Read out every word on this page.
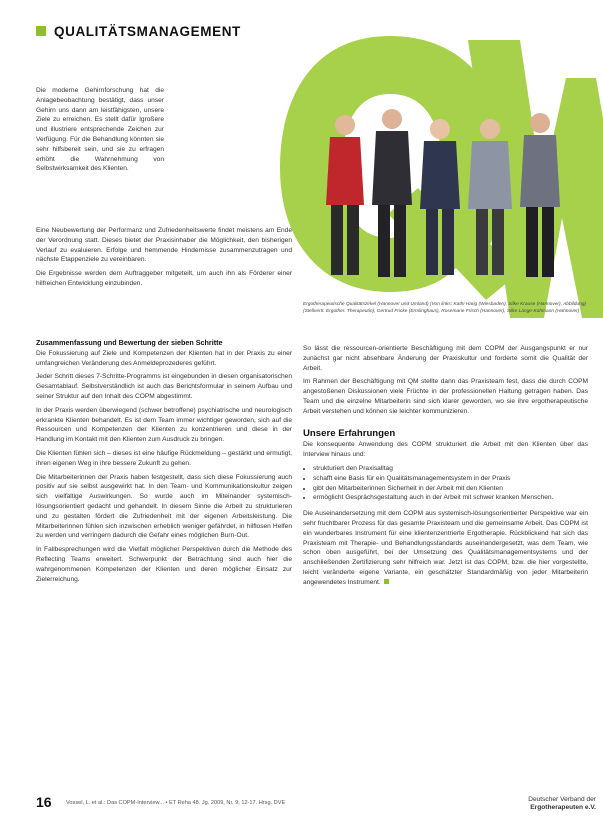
QUALITÄTSMANAGEMENT
Ergotherapeutische Qualitätszirkel (Hannover und Umland) (Von links: Kathi Harig (Wiesbaden), Silke Krause (Hannover), Abbildung) (Stellvertr. Ergother. Therapeutin), Gertrud Fricke (Ermlinghaus), Rosemarie Frisch (Hannover), Silke Lange-Kahmann (Hannover)

Die moderne Gehirnforschung hat die Anlagebeobachtung bestätigt, dass unser Gehirn uns dann am leistfähigsten, unsere Ziele zu erreichen. Es stellt dafür Igroßere und illustriere entsprechende Zeichen zur Verfügung. Für die Behandlung könnten sie sehr hilfsbereit sein, und sie zu erfragen erhöht die Wahrnehmung von Selbstwirksamkeit des Klienten.

Eine Neubewertung der Performanz und Zufriedenheitswerte findet meistens am Ende der Verordnung statt. Dieses bietet der Praxisinhaber die Möglichkeit, den bisherigen Verlauf zu evaluieren. Erfolge und hemmende Hindernisse zusammenzutragen und nächste Etappenziele zu vereinbaren.

Die Ergebnisse werden dem Auftraggeber mitgeteilt, um auch ihn als Förderer einer hilfreichen Entwicklung einzubinden.

Zusammenfassung und Bewertung der sieben Schritte

Die Fokussierung auf Ziele und Kompetenzen der Klienten hat in der Praxis zu einer umfangreichen Veränderung des Anmeldeprozederes geführt.

Jeder Schritt dieses 7-Schritte-Programms ist eingebunden in diesen organisatorischen Gesamtablauf. Selbstverständlich ist auch das Berichtsformular in seinem Aufbau und seiner Struktur auf den Inhalt des COPM abgestimmt.

In der Praxis werden überwiegend (schwer betroffene) psychiatrische und neurologisch erkrankte Klienten behandelt. Es ist dem Team immer wichtiger geworden, sich auf die Ressourcen und Kompetenzen der Klienten zu konzentrieren und diese in der Handlung im Kontakt mit den Klienten zum Ausdruck zu bringen.

Die Klienten fühlen sich – dieses ist eine häufige Rückmeldung – gestärkt und ermutigt, ihren eigenen Weg in ihre bessere Zukunft zu gehen.

Die Mitarbeiterinnen der Praxis haben festgestellt, dass sich diese Fokussierung auch positiv auf sie selbst ausgewirkt hat. In den Team- und Kommunikationskultur zeigen sich vielfältige Auswirkungen. So wurde auch im Miteinander systemisch-lösungsorientiert gedacht und gehandelt. In diesem Sinne die Arbeit zu strukturieren und zu gestalten fördert die Zufriedenheit mit der eigenen Arbeitsleistung. Die Mitarbeiterinnen fühlen sich inzwischen erheblich weniger gefährdet, in hilflosen Helfen zu werden und verringern dadurch die Gefahr eines möglichen Burn-Out.

In Fallbesprechungen wird die Vielfalt möglicher Perspektiven durch die Methode des Reflecting Teams erweitert. Schwerpunkt der Betrachtung sind auch hier die wahrgenommenen Kompetenzen der Klienten und deren möglicher Einsatz zur Zielerreichung.

So lässt die ressourcen-orientierte Beschäftigung mit dem COPM der Ausgangspunkt er nur zunächst gar nicht absehbare Änderung der Praxiskultur und forderte somit die Qualität der Arbeit.

Im Rahmen der Beschäftigung mit QM stellte dann das Praxisteam fest, dass die durch COPM angestoßenen Diskussionen viele Früchte in der professionellen Haltung getragen haben. Das Team und die einzelne Mitarbeiterin sind sich klarer geworden, wo sie ihre ergotherapeutische Arbeit verstehen und können sie leichter kommunizieren.

Unsere Erfahrungen

Die konsequente Anwendung des COPM strukturiert die Arbeit mit den Klienten über das Interview hinaus und:

• strukturiert den Praxisalltag
• schafft eine Basis für ein Qualitätsmanagementsystem in der Praxis
• gibt den Mitarbeiterinnen Sicherheit in der Arbeit mit den Klienten
• ermöglicht Gesprächsgestaltung auch in der Arbeit mit schwer kranken Menschen.

Die Auseinandersetzung mit dem COPM aus systemisch-lösungsorientierter Perspektive war ein sehr fruchtbarer Prozess für das gesamte Praxisteam und die gemeinsame Arbeit. Das COPM ist ein wunderbares Instrument für eine klientenzentrierte Ergotherapie. Rückblickend hat sich das Praxisteam mit Therapie- und Behandlungsstandards auseinandergesetzt, was dem Team, wie schon oben ausgeführt, bei der Umsetzung des Qualitätsmanagementsystems und der anschließenden Zertifizierung sehr hilfreich war. Jetzt ist das COPM, bzw. die hier vorgestellte, leicht veränderte eigene Variante, ein geschätzter Standardmäßig von jeder Mitarbeiterin angewendetes Instrument.

16	Vossel, L. et al.: Das COPM-Interview... • ET Reha 48. Jg. 2009, Nr. 9, 12-17. Hrsg. DVE	Deutscher Verband der
Ergotherapeuten e.V.
